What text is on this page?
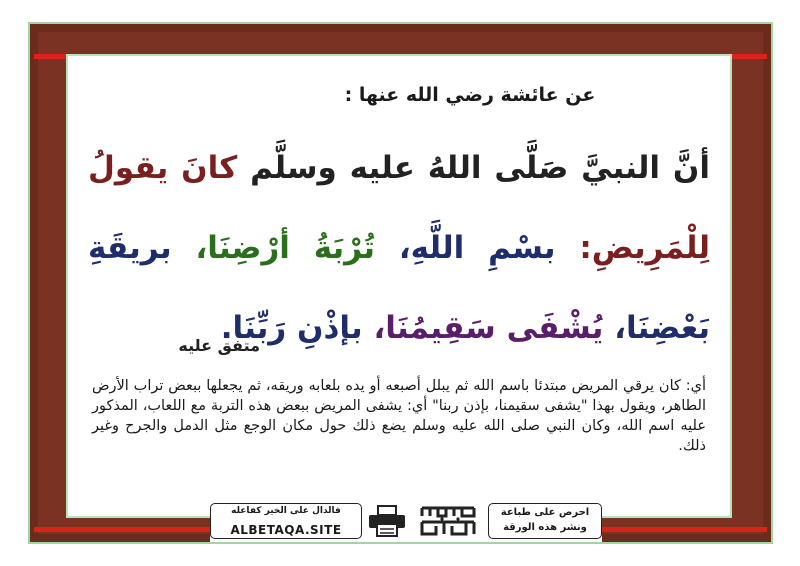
عن عائشة رضي الله عنها :
أنَّ النبيَّ صَلَّى اللهُ عليه وسلَّم كانَ يقولُ لِلْمَرِيضِ: بسْمِ اللَّهِ، تُرْبَةُ أرْضِنَا، بريقَةِ بَعْضِنَا، يُشْفَى سَقِيمُنَا، بإذْنِ رَبِّنَا.
متفق عليه
أي: كان يرقي المريض مبتدئا باسم الله ثم يبلل أصبعه أو يده بلعابه وريقه، ثم يجعلها ببعض تراب الأرض الطاهر، ويقول بهذا "يشفى سقيمنا، بإذن ربنا" أي: يشفى المريض ببعض هذه التربة مع اللعاب، المذكور عليه اسم الله، وكان النبي صلى الله عليه وسلم يضع ذلك حول مكان الوجع مثل الدمل والجرح وغير ذلك.
فالدال على الخير كفاعله
ALBETAQA.SITE
احرص على طباعة
ونشر هذه الورقة
